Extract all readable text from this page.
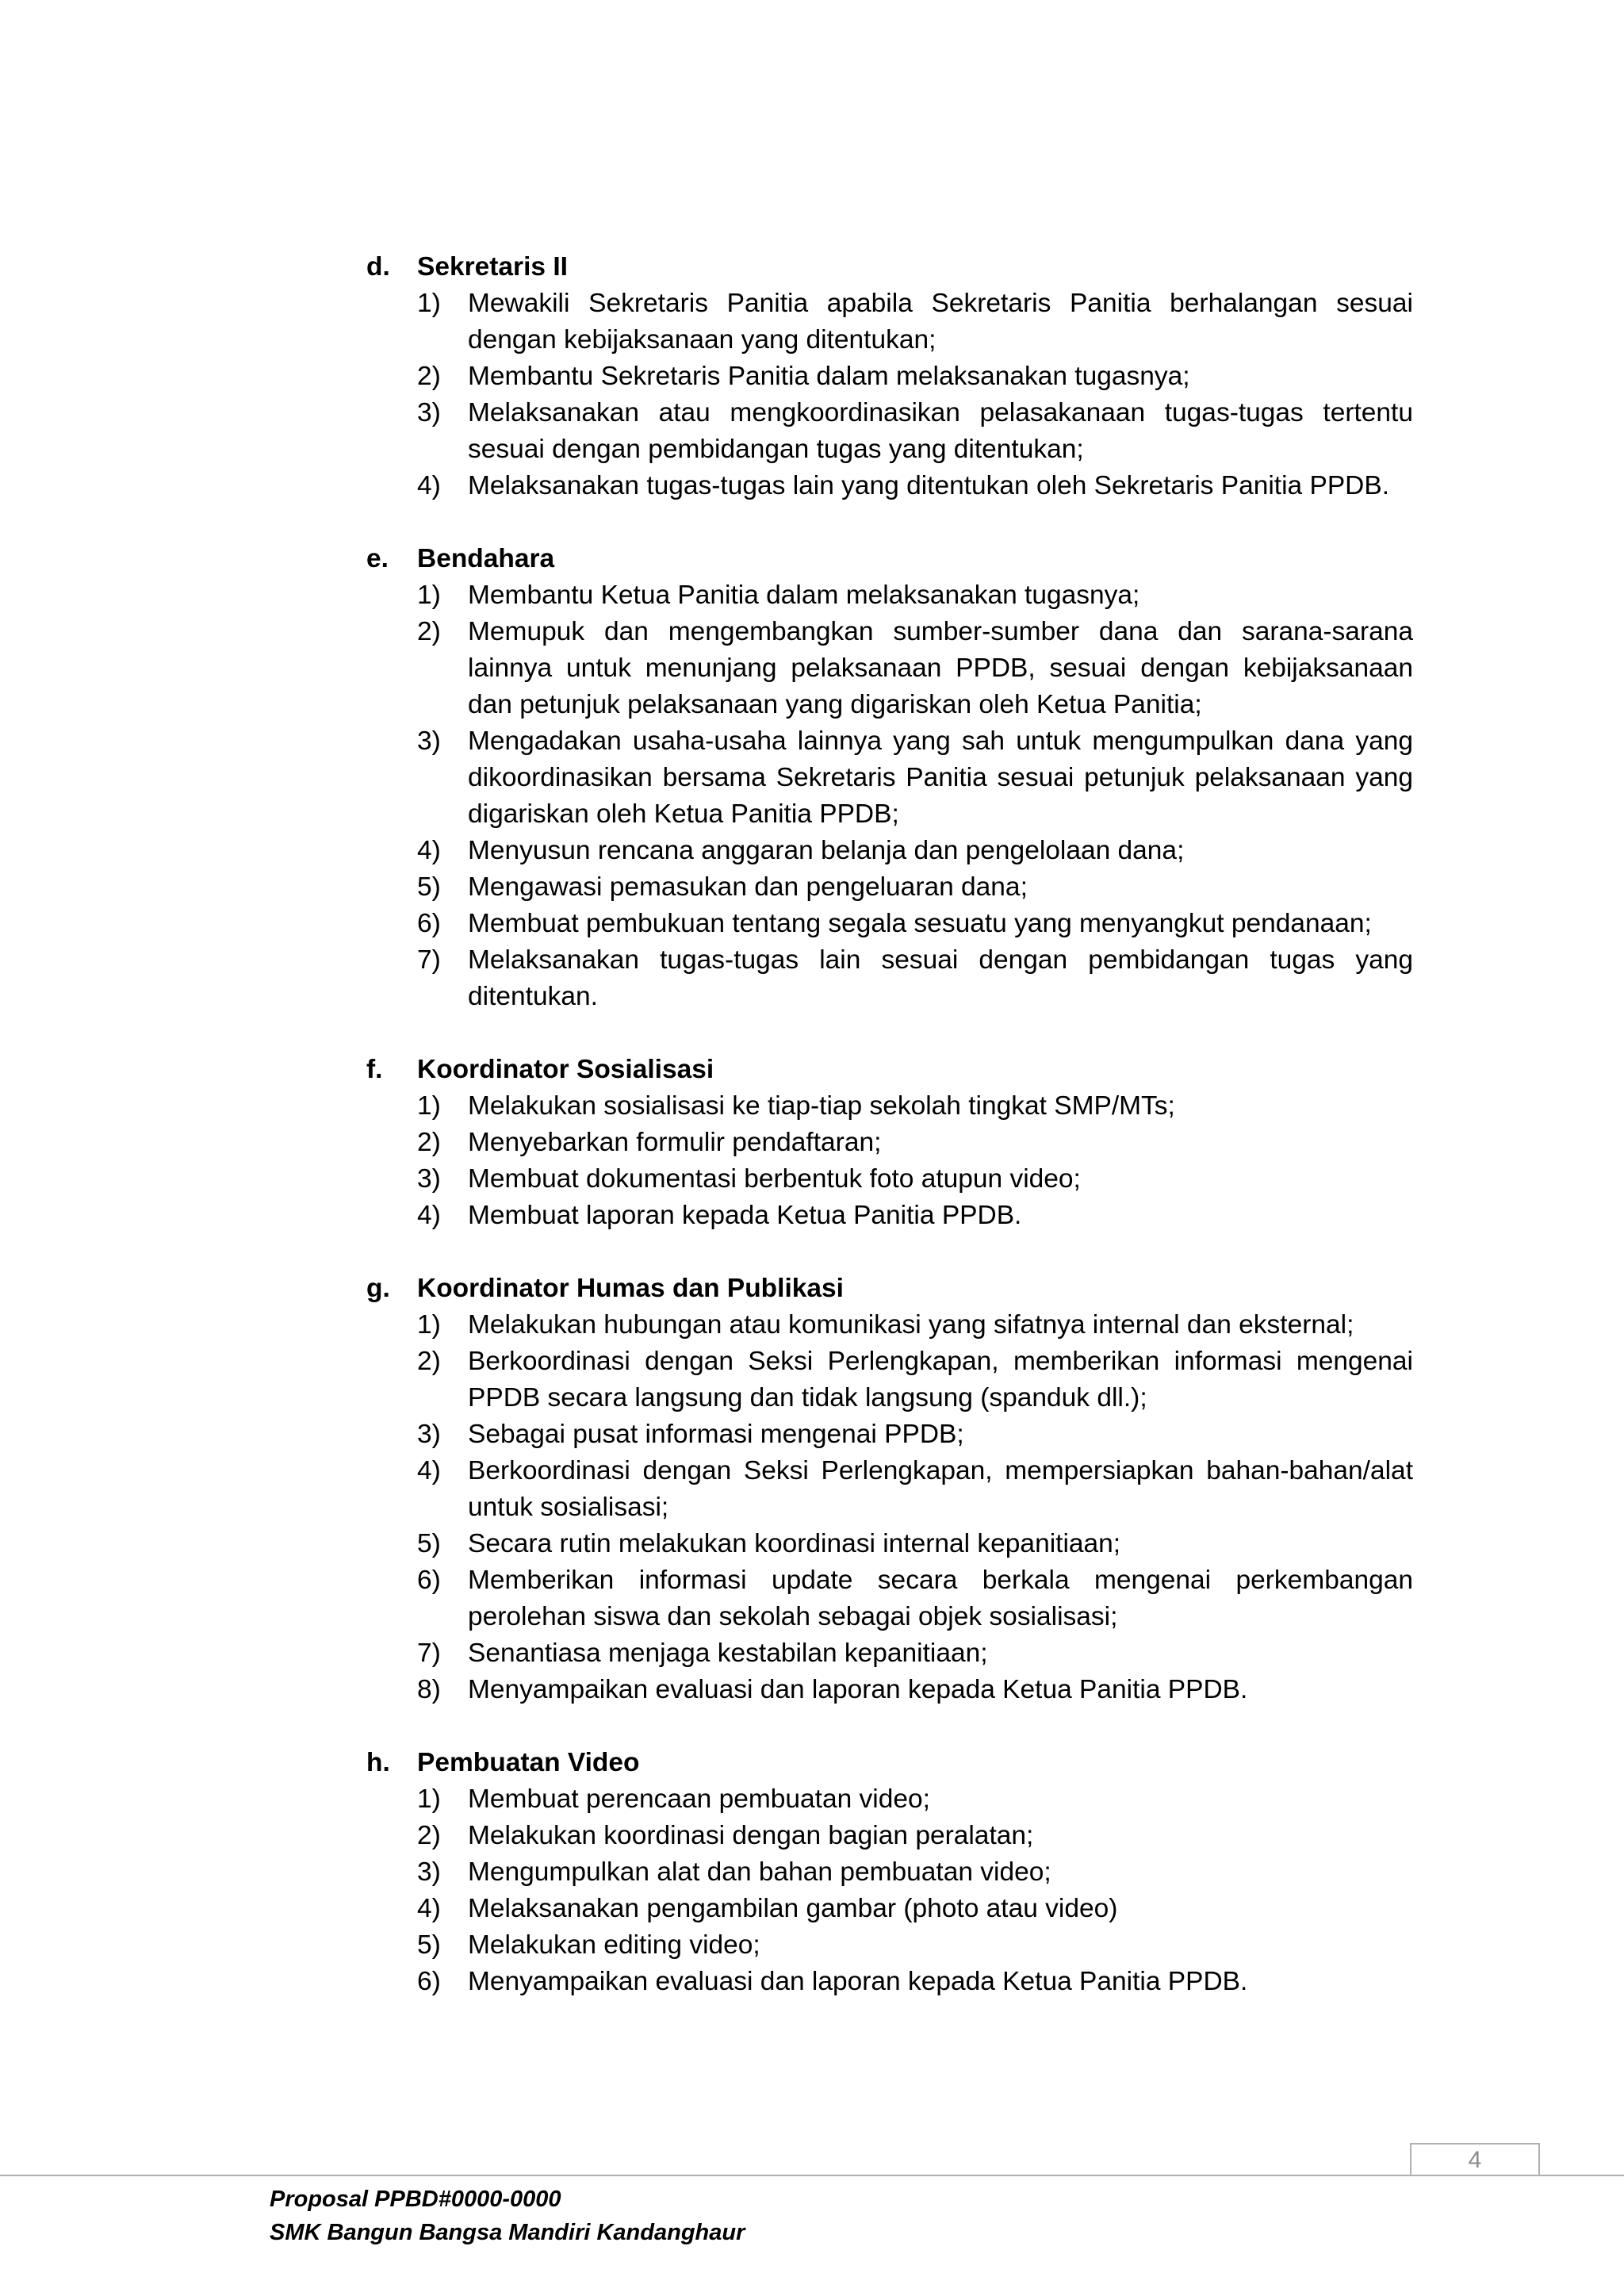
d. Sekretaris II
1) Mewakili Sekretaris Panitia apabila Sekretaris Panitia berhalangan sesuai dengan kebijaksanaan yang ditentukan;
2) Membantu Sekretaris Panitia dalam melaksanakan tugasnya;
3) Melaksanakan atau mengkoordinasikan pelasakanaan tugas-tugas tertentu sesuai dengan pembidangan tugas yang ditentukan;
4) Melaksanakan tugas-tugas lain yang ditentukan oleh Sekretaris Panitia PPDB.
e. Bendahara
1) Membantu Ketua Panitia dalam melaksanakan tugasnya;
2) Memupuk dan mengembangkan sumber-sumber dana dan sarana-sarana lainnya untuk menunjang pelaksanaan PPDB, sesuai dengan kebijaksanaan dan petunjuk pelaksanaan yang digariskan oleh Ketua Panitia;
3) Mengadakan usaha-usaha lainnya yang sah untuk mengumpulkan dana yang dikoordinasikan bersama Sekretaris Panitia sesuai petunjuk pelaksanaan yang digariskan oleh Ketua Panitia PPDB;
4) Menyusun rencana anggaran belanja dan pengelolaan dana;
5) Mengawasi pemasukan dan pengeluaran dana;
6) Membuat pembukuan tentang segala sesuatu yang menyangkut pendanaan;
7) Melaksanakan tugas-tugas lain sesuai dengan pembidangan tugas yang ditentukan.
f. Koordinator Sosialisasi
1) Melakukan sosialisasi ke tiap-tiap sekolah tingkat SMP/MTs;
2) Menyebarkan formulir pendaftaran;
3) Membuat dokumentasi berbentuk foto atupun video;
4) Membuat laporan kepada Ketua Panitia PPDB.
g. Koordinator Humas dan Publikasi
1) Melakukan hubungan atau komunikasi yang sifatnya internal dan eksternal;
2) Berkoordinasi dengan Seksi Perlengkapan, memberikan informasi mengenai PPDB secara langsung dan tidak langsung (spanduk dll.);
3) Sebagai pusat informasi mengenai PPDB;
4) Berkoordinasi dengan Seksi Perlengkapan, mempersiapkan bahan-bahan/alat untuk sosialisasi;
5) Secara rutin melakukan koordinasi internal kepanitiaan;
6) Memberikan informasi update secara berkala mengenai perkembangan perolehan siswa dan sekolah sebagai objek sosialisasi;
7) Senantiasa menjaga kestabilan kepanitiaan;
8) Menyampaikan evaluasi dan laporan kepada Ketua Panitia PPDB.
h. Pembuatan Video
1) Membuat perencaan pembuatan video;
2) Melakukan koordinasi dengan bagian peralatan;
3) Mengumpulkan alat dan bahan pembuatan video;
4) Melaksanakan pengambilan gambar (photo atau video)
5) Melakukan editing video;
6) Menyampaikan evaluasi dan laporan kepada Ketua Panitia PPDB.
4
Proposal PPBD#0000-0000
SMK Bangun Bangsa Mandiri Kandanghaur
